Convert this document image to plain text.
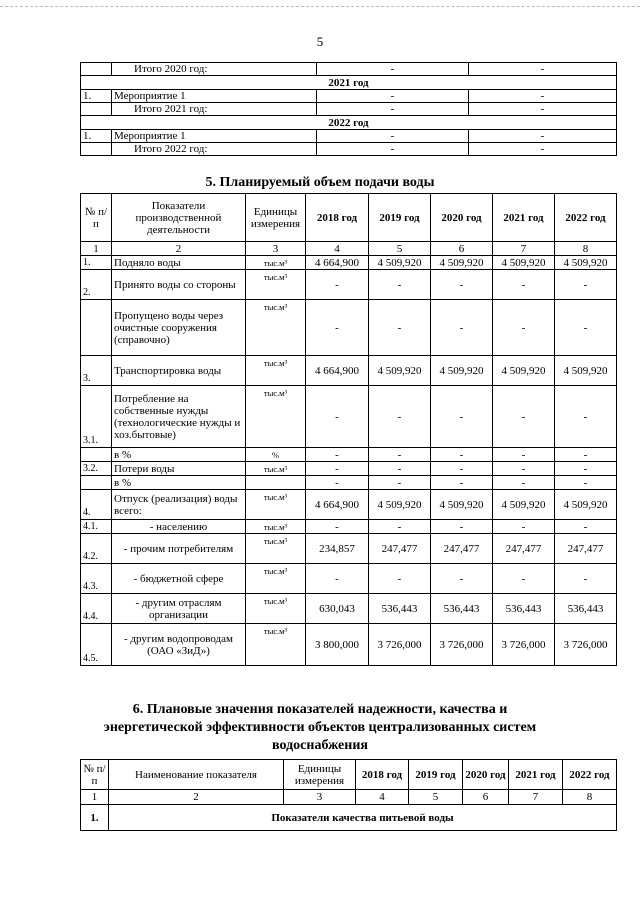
5
	Итого 2020 год:	-	-
2021 год			
1.	Мероприятие 1	-	-
	Итого 2021 год:	-	-
2022 год			
1.	Мероприятие 1	-	-
	Итого 2022 год:	-	-
5. Планируемый объем подачи воды
№ п/п	Показатели производственной деятельности	Единицы измерения	2018 год	2019 год	2020 год	2021 год	2022 год
1	2	3	4	5	6	7	8
1.	Подняло воды	тыс.м³	4 664,900	4 509,920	4 509,920	4 509,920	4 509,920
2.	Принято воды со стороны	тыс.м³	-	-	-	-	-
	Пропущено воды через очистные сооружения (справочно)	тыс.м³	-	-	-	-	-
3.	Транспортировка воды	тыс.м³	4 664,900	4 509,920	4 509,920	4 509,920	4 509,920
3.1.	Потребление на собственные нужды (технологические нужды и хоз.бытовые)	тыс.м³	-	-	-	-	-
	в %	%	-	-	-	-	-
3.2.	Потери воды	тыс.м³	-	-	-	-	-
	в %		-	-	-	-	-
4.	Отпуск (реализация) воды всего:	тыс.м³	4 664,900	4 509,920	4 509,920	4 509,920	4 509,920
4.1.	- населению	тыс.м³	-	-	-	-	-
4.2.	- прочим потребителям	тыс.м³	234,857	247,477	247,477	247,477	247,477
4.3.	- бюджетной сфере	тыс.м³	-	-	-	-	-
4.4.	- другим отраслям организации	тыс.м³	630,043	536,443	536,443	536,443	536,443
4.5.	- другим водопроводам (ОАО «ЗиД»)	тыс.м³	3 800,000	3 726,000	3 726,000	3 726,000	3 726,000
6. Плановые значения показателей надежности, качества и
энергетической эффективности объектов централизованных систем
водоснабжения
№ п/п	Наименование показателя	Единицы измерения	2018 год	2019 год	2020 год	2021 год	2022 год
1	2	3	4	5	6	7	8
1.	Показатели качества питьевой воды						
